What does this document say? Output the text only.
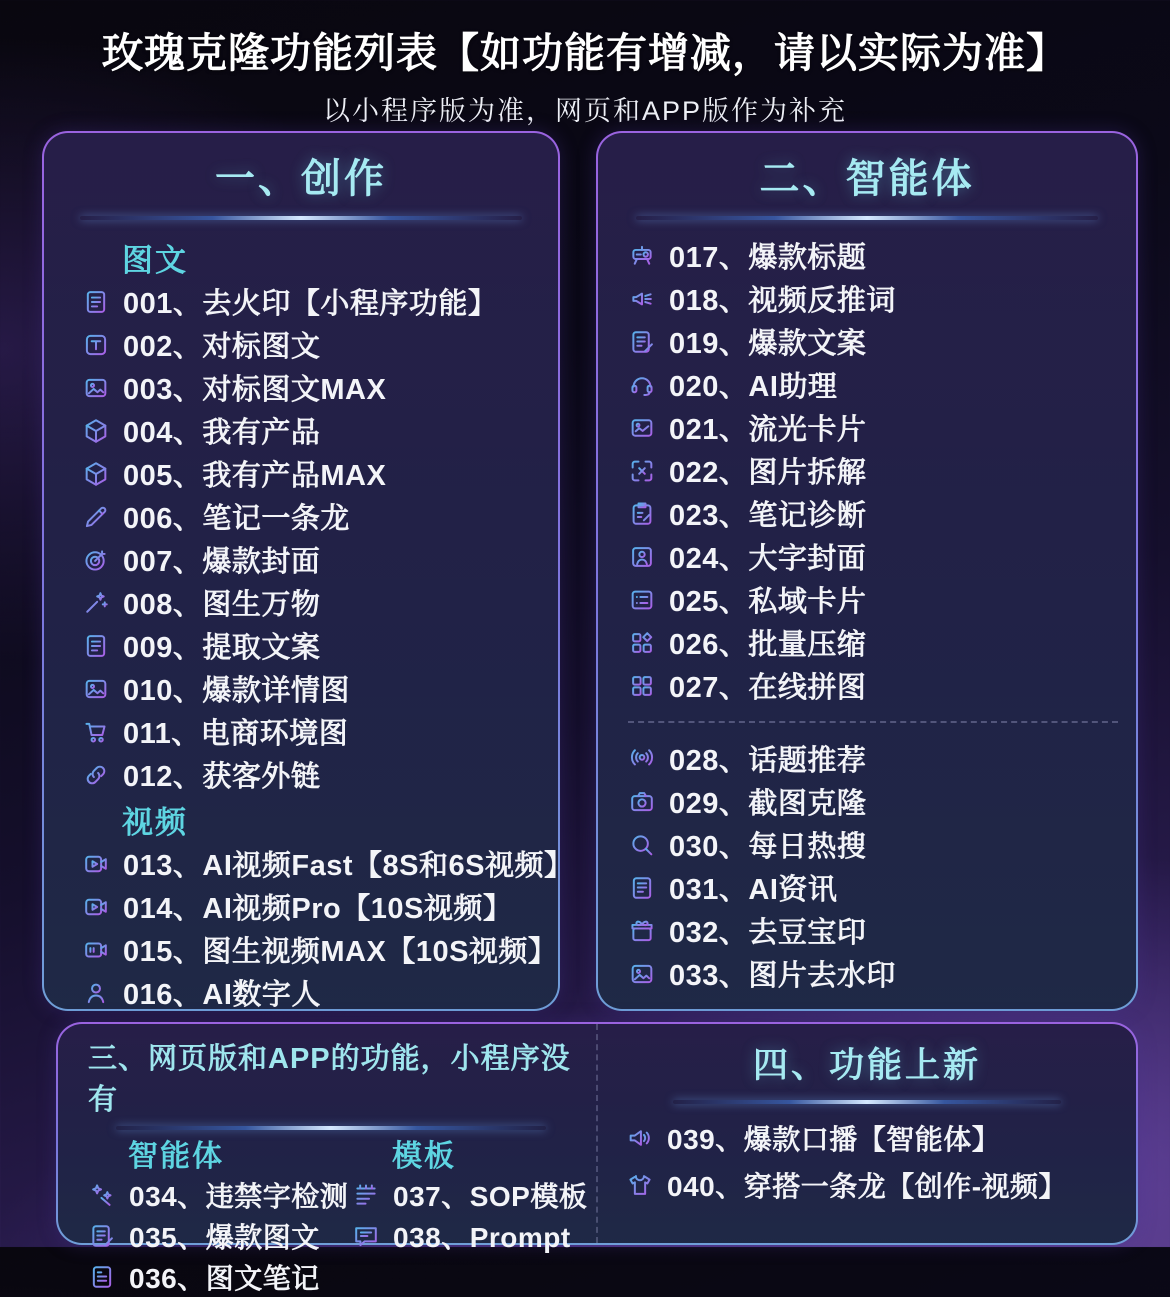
玫瑰克隆功能列表【如功能有增减，请以实际为准】
以小程序版为准，网页和APP版作为补充
一、创作
图文
001、去火印【小程序功能】
002、对标图文
003、对标图文MAX
004、我有产品
005、我有产品MAX
006、笔记一条龙
007、爆款封面
008、图生万物
009、提取文案
010、爆款详情图
011、电商环境图
012、获客外链
视频
013、AI视频Fast【8S和6S视频】
014、AI视频Pro【10S视频】
015、图生视频MAX【10S视频】
016、AI数字人
二、智能体
017、爆款标题
018、视频反推词
019、爆款文案
020、AI助理
021、流光卡片
022、图片拆解
023、笔记诊断
024、大字封面
025、私域卡片
026、批量压缩
027、在线拼图
028、话题推荐
029、截图克隆
030、每日热搜
031、AI资讯
032、去豆宝印
033、图片去水印
三、网页版和APP的功能，小程序没有
智能体
034、违禁字检测
035、爆款图文
036、图文笔记
模板
037、SOP模板
038、Prompt
四、功能上新
039、爆款口播【智能体】
040、穿搭一条龙【创作-视频】
